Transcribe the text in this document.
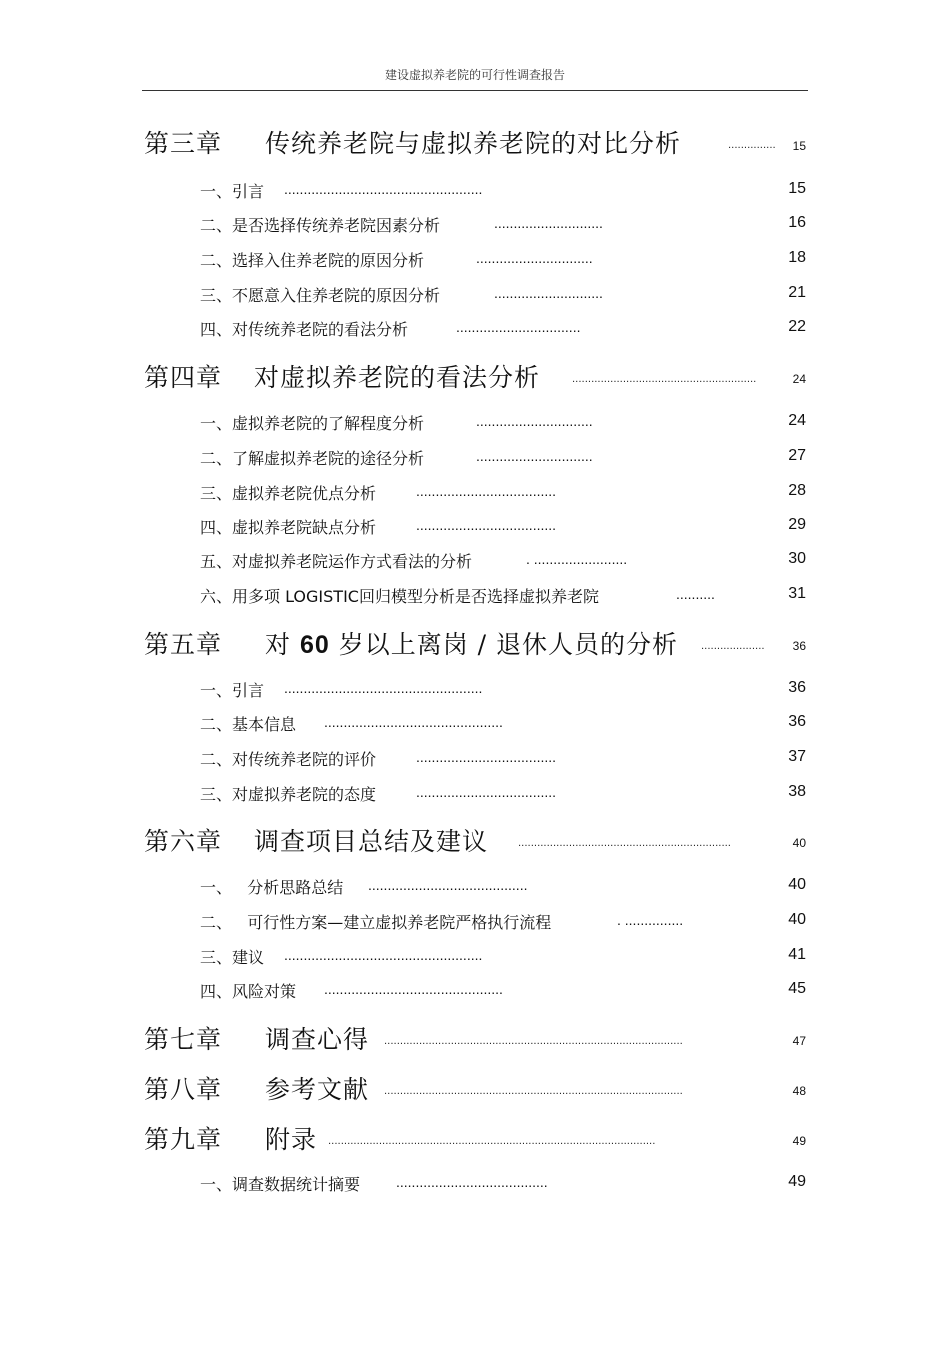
建设虚拟养老院的可行性调查报告
第三章 传统养老院与虚拟养老院的对比分析	...............	15
一、引言 ...................................................	15
二、是否选择传统养老院因素分析	............................	16
二、选择入住养老院的原因分析	..............................	18
三、不愿意入住养老院的原因分析	............................	21
四、对传统养老院的看法分析	................................	22
第四章 对虚拟养老院的看法分析	..........................................................	24
一、虚拟养老院的了解程度分析	..............................	24
二、了解虚拟养老院的途径分析	..............................	27
三、虚拟养老院优点分析	....................................	28
四、虚拟养老院缺点分析	....................................	29
五、对虚拟养老院运作方式看法的分析	. ........................	30
六、用多项 LOGISTIC回归模型分析是否选择虚拟养老院	..........	31
第五章 对 60 岁以上离岗 / 退休人员的分析 ....................	36
一、引言 ...................................................	36
二、基本信息 ..............................................	36
二、对传统养老院的评价	....................................	37
三、对虚拟养老院的态度	....................................	38
第六章 调查项目总结及建议	...................................................................	40
一、   分析思路总结 .........................................	40
二、   可行性方案—建立虚拟养老院严格执行流程	. ...............	40
三、建议 ...................................................	41
四、风险对策 ..............................................	45
第七章 调查心得 ..............................................................................................	47
第八章 参考文献 ..............................................................................................	48
第九章 附录 .......................................................................................................	49
一、调查数据统计摘要	.......................................	49
